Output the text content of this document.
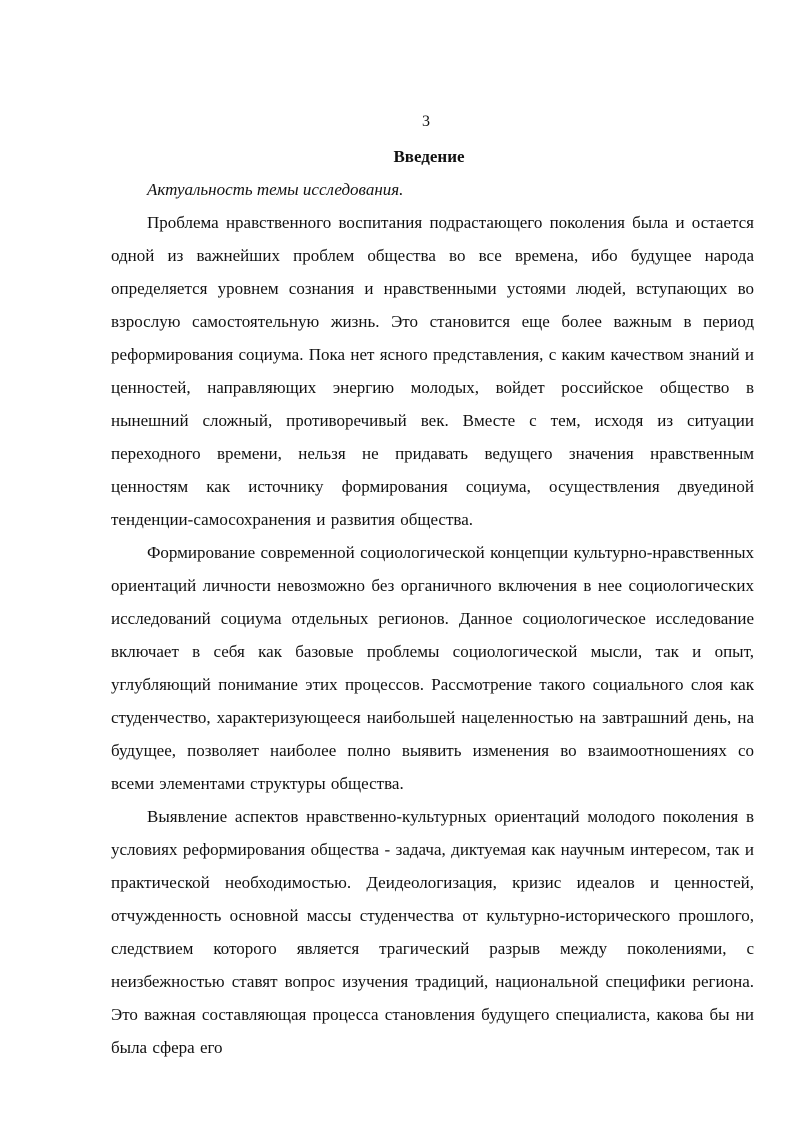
3
Введение

Актуальность темы исследования.

Проблема нравственного воспитания подрастающего поколения была и остается одной из важнейших проблем общества во все времена, ибо будущее народа определяется уровнем сознания и нравственными устоями людей, вступающих во взрослую самостоятельную жизнь. Это становится еще более важным в период реформирования социума. Пока нет ясного представления, с каким качеством знаний и ценностей, направляющих энергию молодых, войдет российское общество в нынешний сложный, противоречивый век. Вместе с тем, исходя из ситуации переходного времени, нельзя не придавать ведущего значения нравственным ценностям как источнику формирования социума, осуществления двуединой тенденции-самосохранения и развития общества.

Формирование современной социологической концепции культурно-нравственных ориентаций личности невозможно без органичного включения в нее социологических исследований социума отдельных регионов. Данное социологическое исследование включает в себя как базовые проблемы социологической мысли, так и опыт, углубляющий понимание этих процессов. Рассмотрение такого социального слоя как студенчество, характеризующееся наибольшей нацеленностью на завтрашний день, на будущее, позволяет наиболее полно выявить изменения во взаимоотношениях со всеми элементами структуры общества.

Выявление аспектов нравственно-культурных ориентаций молодого поколения в условиях реформирования общества - задача, диктуемая как научным интересом, так и практической необходимостью. Деидеологизация, кризис идеалов и ценностей, отчужденность основной массы студенчества от культурно-исторического прошлого, следствием которого является трагический разрыв между поколениями, с неизбежностью ставят вопрос изучения традиций, национальной специфики региона. Это важная составляющая процесса становления будущего специалиста, какова бы ни была сфера его
